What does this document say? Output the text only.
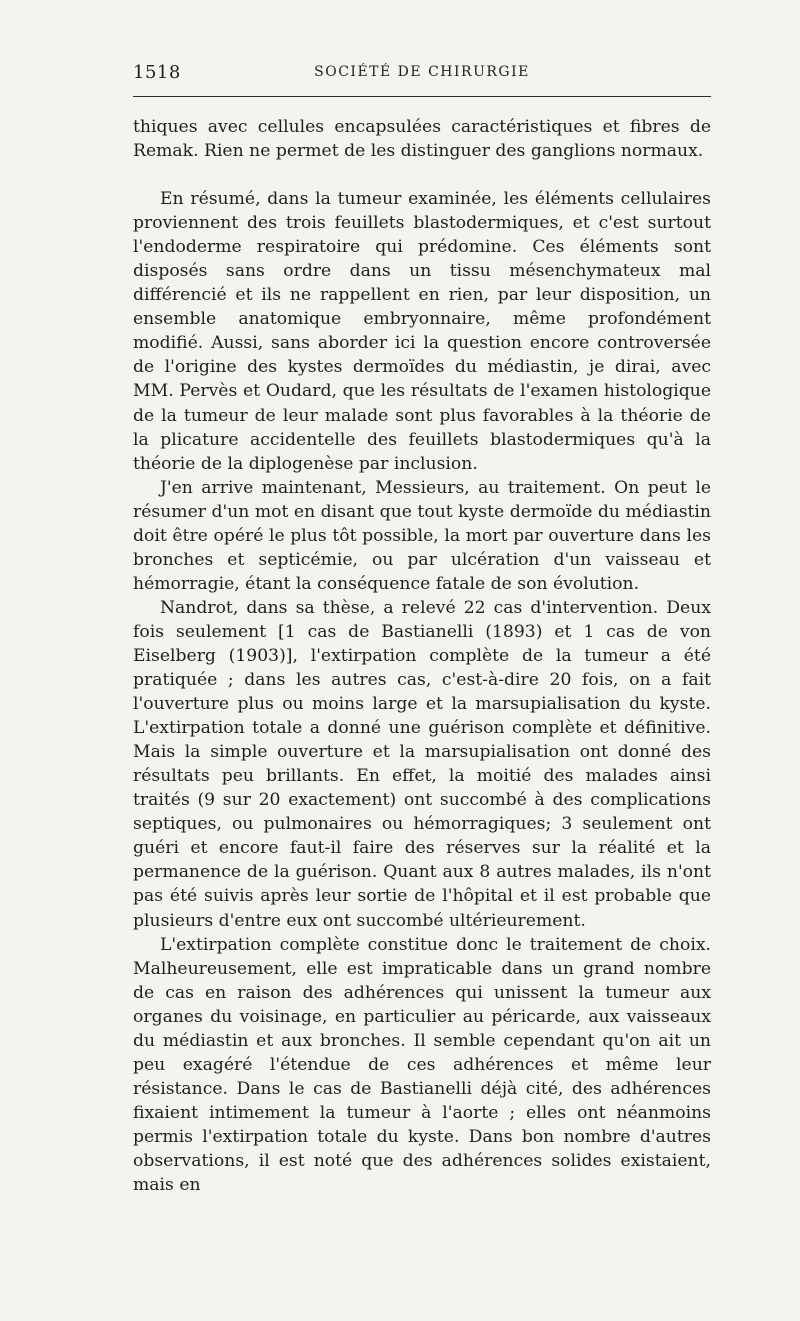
1518	SOCIÉTÉ DE CHIRURGIE

thiques avec cellules encapsulées caractéristiques et fibres de Remak. Rien ne permet de les distinguer des ganglions normaux.

En résumé, dans la tumeur examinée, les éléments cellulaires proviennent des trois feuillets blastodermiques, et c'est surtout l'endoderme respiratoire qui prédomine. Ces éléments sont disposés sans ordre dans un tissu mésenchymateux mal différencié et ils ne rappellent en rien, par leur disposition, un ensemble anatomique embryonnaire, même profondément modifié. Aussi, sans aborder ici la question encore controversée de l'origine des kystes dermoïdes du médiastin, je dirai, avec MM. Pervès et Oudard, que les résultats de l'examen histologique de la tumeur de leur malade sont plus favorables à la théorie de la plicature accidentelle des feuillets blastodermiques qu'à la théorie de la diplogenèse par inclusion.

J'en arrive maintenant, Messieurs, au traitement. On peut le résumer d'un mot en disant que tout kyste dermoïde du médiastin doit être opéré le plus tôt possible, la mort par ouverture dans les bronches et septicémie, ou par ulcération d'un vaisseau et hémorragie, étant la conséquence fatale de son évolution.

Nandrot, dans sa thèse, a relevé 22 cas d'intervention. Deux fois seulement [1 cas de Bastianelli (1893) et 1 cas de von Eiselberg (1903)], l'extirpation complète de la tumeur a été pratiquée ; dans les autres cas, c'est-à-dire 20 fois, on a fait l'ouverture plus ou moins large et la marsupialisation du kyste. L'extirpation totale a donné une guérison complète et définitive. Mais la simple ouverture et la marsupialisation ont donné des résultats peu brillants. En effet, la moitié des malades ainsi traités (9 sur 20 exactement) ont succombé à des complications septiques, ou pulmonaires ou hémorragiques; 3 seulement ont guéri et encore faut-il faire des réserves sur la réalité et la permanence de la guérison. Quant aux 8 autres malades, ils n'ont pas été suivis après leur sortie de l'hôpital et il est probable que plusieurs d'entre eux ont succombé ultérieurement.

L'extirpation complète constitue donc le traitement de choix. Malheureusement, elle est impraticable dans un grand nombre de cas en raison des adhérences qui unissent la tumeur aux organes du voisinage, en particulier au péricarde, aux vaisseaux du médiastin et aux bronches. Il semble cependant qu'on ait un peu exagéré l'étendue de ces adhérences et même leur résistance. Dans le cas de Bastianelli déjà cité, des adhérences fixaient intimement la tumeur à l'aorte ; elles ont néanmoins permis l'extirpation totale du kyste. Dans bon nombre d'autres observations, il est noté que des adhérences solides existaient, mais en
